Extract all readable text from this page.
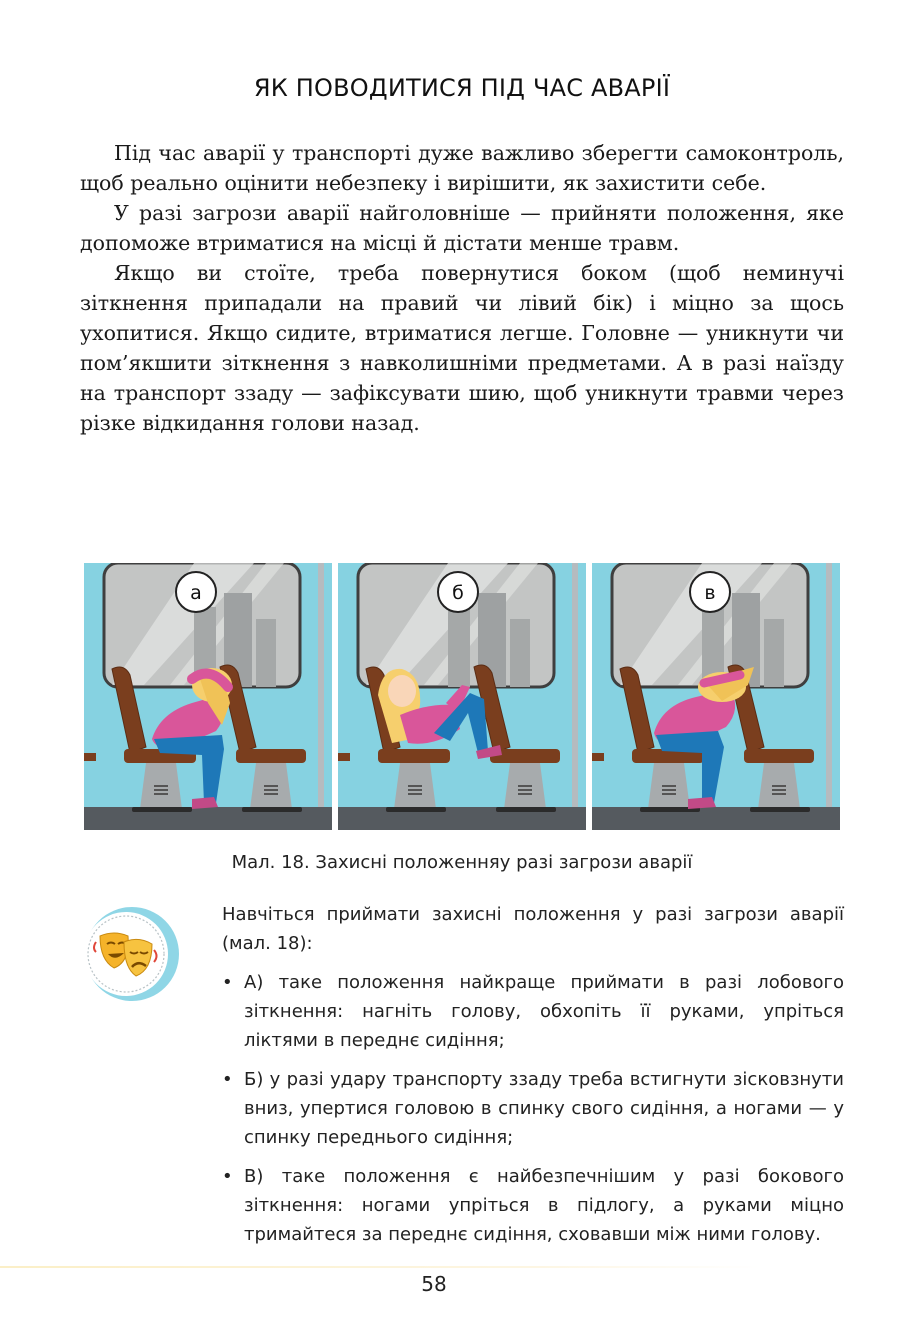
ЯК ПОВОДИТИСЯ ПІД ЧАС АВАРІЇ

Під час аварії у транспорті дуже важливо зберегти самоконтроль, щоб реально оцінити небезпеку і вирішити, як захистити себе.

У разі загрози аварії найголовніше — прийняти положення, яке допоможе втриматися на місці й дістати менше травм.

Якщо ви стоїте, треба повернутися боком (щоб неминучі зіткнення припадали на правий чи лівий бік) і міцно за щось ухопитися. Якщо сидите, втриматися легше. Головне — уникнути чи пом’якшити зіткнення з навколишніми предметами. А в разі наїзду на транспорт ззаду — зафіксувати шию, щоб уникнути травми через різке відкидання голови назад.

а	б	в
Мал. 18. Захисні положенняу разі загрози аварії

Навчіться приймати захисні положення у разі загрози аварії (мал. 18):

• А) таке положення найкраще приймати в разі лобового зіткнення: нагніть голову, обхопіть її руками, упріться ліктями в переднє сидіння;
• Б) у разі удару транспорту ззаду треба встигнути зісковзнути вниз, упертися головою в спинку свого сидіння, а ногами — у спинку переднього сидіння;
• В) таке положення є найбезпечнішим у разі бокового зіткнення: ногами упріться в підлогу, а руками міцно тримайтеся за переднє сидіння, сховавши між ними голову.
58
